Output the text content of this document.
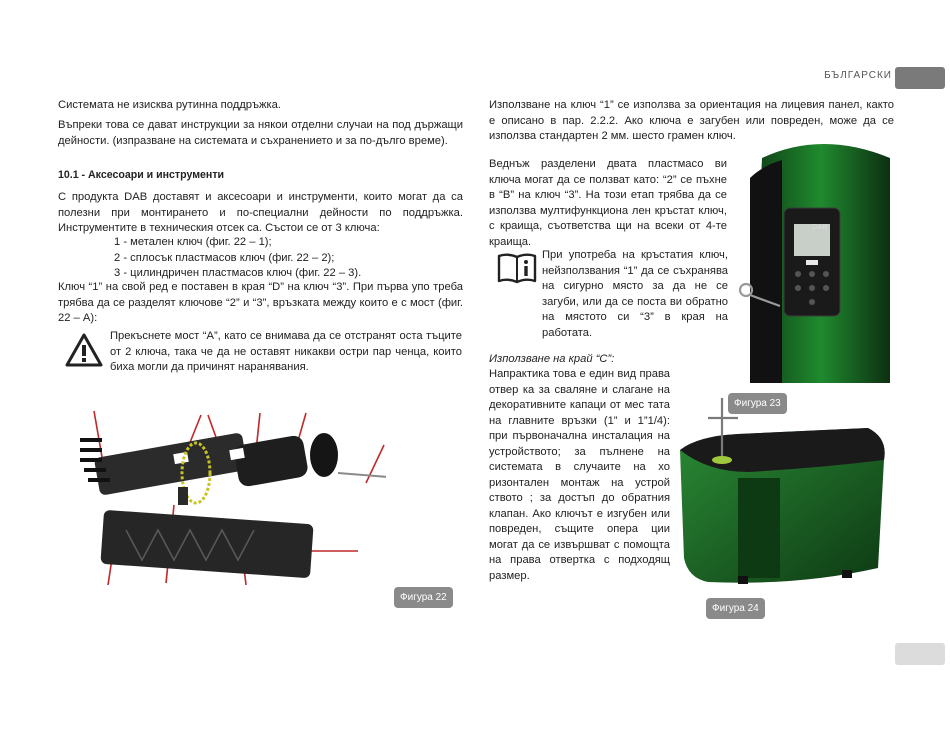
БЪЛГАРСКИ

Системата не изисква рутинна поддръжка.

Въпреки това се дават инструкции за някои отделни случаи на под държащи дейности. (изпразване на системата и съхранението и за по-дълго време).

10.1 - Аксесоари и инструменти

С продукта DAB доставят и аксесоари и инструменти, които могат да са полезни при монтирането и по-специални дейности по поддръжка. Инструментите в техническия отсек са. Състои се от 3 ключа:

1 - метален ключ (фиг. 22 – 1);

2 - сплосък пластмасов ключ (фиг. 22 – 2);

3 - цилиндричен пластмасов ключ (фиг. 22 – 3).

Ключ “1” на свой ред е поставен в края “D” на ключ “3”. При първа упо треба трябва да се разделят ключове “2” и “3”, връзката между които е с мост (фиг. 22 – A):

Прекъснете мост “A”, като се внимава да се отстранят оста тъците от 2 ключа, така че да не оставят никакви остри пар ченца, които биха могли да причинят наранявания.

Фигура 22

Използване на ключ “1” се използва за ориентация на лицевия панел, както е описано в пар. 2.2.2. Ако ключа е загубен или повреден, може да се използва стандартен 2 мм. шесто грамен ключ.

Веднъж разделени двата пластмасо ви ключа могат да се ползват като: “2” се пъхне в “B” на ключ “3”. На този етап трябва да се използва мултифункциона лен кръстат ключ, с краища, съответства щи на всеки от 4-те краища.

При употреба на кръстатия ключ, нейзползвания “1” да се съхранява на сигурно място за да не се загуби, или да се поста ви обратно на мястото си “3” в края на работата.

Използване на край “C”:

Напрактика това е един вид права отвер ка за сваляне и слагане на декоративните капаци от мес тата на главните връзки (1” и 1”1/4): при първоначална инсталация на устройството; за пълнене на системата в случаите на хо ризонтален монтаж на устрой ството ; за достъп до обратния клапан. Ако ключът е изгубен или повреден, същите опера ции могат да се извършват с помощта на права отвертка с подходящ размер.

Фигура 23
Фигура 24
DAB
